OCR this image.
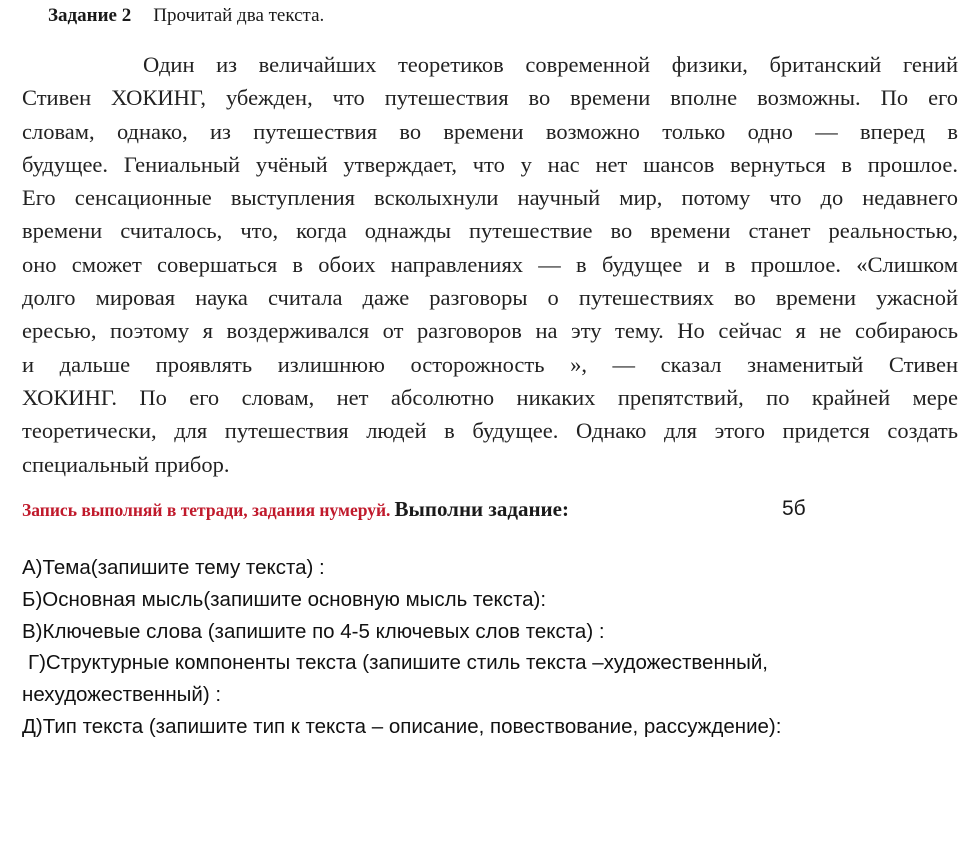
Задание 2 Прочитай два текста.
Один из величайших теоретиков современной физики, британский гений
Стивен ХОКИНГ, убежден, что путешествия во времени вполне возможны. По его
словам, однако, из путешествия во времени возможно только одно — вперед в
будущее. Гениальный учёный утверждает, что у нас нет шансов вернуться в прошлое.
Его сенсационные выступления всколыхнули научный мир, потому что до недавнего
времени считалось, что, когда однажды путешествие во времени станет реальностью,
оно сможет совершаться в обоих направлениях — в будущее и в прошлое. «Слишком
долго мировая наука считала даже разговоры о путешествиях во времени ужасной
ересью, поэтому я воздерживался от разговоров на эту тему. Но сейчас я не собираюсь
и дальше проявлять излишнюю осторожность », — сказал знаменитый Стивен
ХОКИНГ. По его словам, нет абсолютно никаких препятствий, по крайней мере
теоретически, для путешествия людей в будущее. Однако для этого придется создать
специальный прибор.
Запись выполняй в тетради, задания нумеруй. Выполни задание:	5б
А)Тема(запишите тему текста) :
Б)Основная мысль(запишите основную мысль текста):
В)Ключевые слова (запишите по 4-5 ключевых слов текста) :
Г)Структурные компоненты текста (запишите стиль текста –художественный,
нехудожественный) :
Д)Тип текста (запишите тип к текста – описание, повествование, рассуждение):
